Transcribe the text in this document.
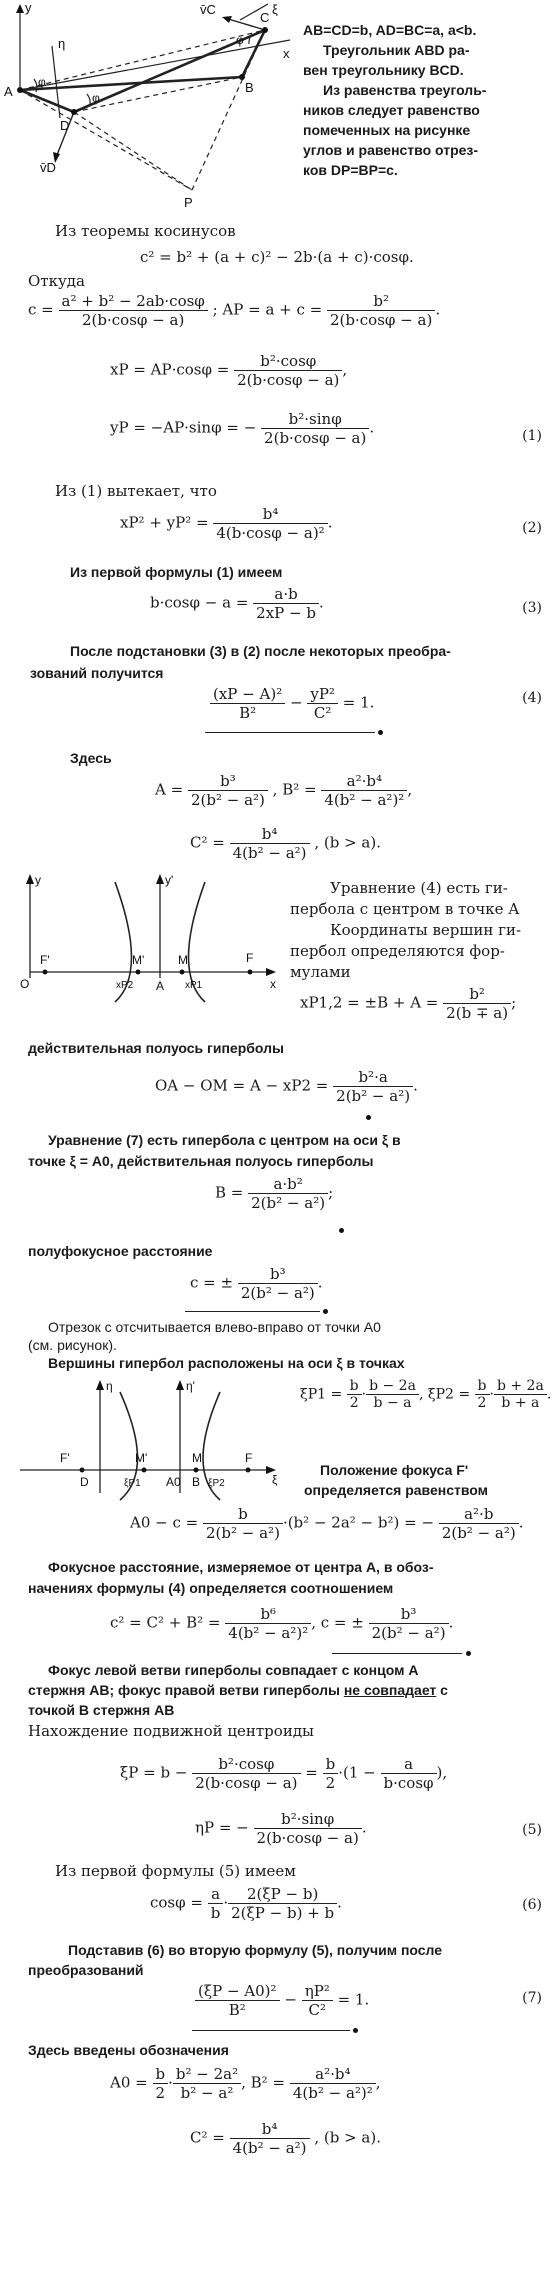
y
η
v̄C
C
ξ
x
A
φ
D
φ
B
φ
v̄D
P
AB=CD=b, AD=BC=a, a<b.
Треугольник ABD ра-
вен треугольнику BCD.
Из равенства треуголь-
ников следует равенство
помеченных на рисунке
углов и равенство отрез-
ков DP=BP=c.
Из теоремы косинусов
c² = b² + (a + c)² − 2b·(a + c)·cosφ.
Откуда
$c = \frac{\text{a² + b² − 2ab·cosφ}}{2(b\cdot\cos\varphi - a)}$ ; AP = $a + c = \frac{\text{b²}}{2(b\cdot\cos\varphi - a)}$ .
xP = $AP\cdot\cos\varphi = \frac{\text{b²·cosφ}}{2(b\cdot\cos\varphi - a)}$ ,
yP = −AP·sinφ = − $\frac{\text{b²·sinφ}}{2(b\cdot\cos\varphi - a)}$ .	(1)
Из (1) вытекает, что
$xP^2 + yP^2 = \frac{\text{b⁴}}{\text{4(b·cosφ − a)²}}$ .	(2)
Из первой формулы (1) имеем
$b\cdot\cos\varphi - a = \frac{a\cdot b}{2xP - b}$ .	(3)
После подстановки (3) в (2) после некоторых преобра-
зований получится
$\frac{\text{(xP − A)²}}{\text{B²}} - \frac{\text{yP²}}{\text{C²}} = 1$.	(4)
Здесь
$A = \frac{\text{b³}}{\text{2(b² − a²)}}$ , $B^2 = \frac{\text{a²·b⁴}}{\text{4(b² − a²)²}}$ ,
$C^2 = \frac{\text{b⁴}}{\text{4(b² − a²)}}$ , (b > a).
y	y'
F'
O
M'
xP2 A
M
xP1
F
x
Уравнение (4) есть ги-
пербола с центром в точке A
Координаты вершин ги-
пербол определяются фор-
мулами
$xP1,2 = \pm B + A = \frac{\text{b²}}{2(b \mp a)}$ ;
действительная полуось гиперболы
OA − OM = $A - xP2 = \frac{\text{b²·a}}{\text{2(b² − a²)}}$ .
Уравнение (7) есть гипербола с центром на оси ξ в
точке ξ = A0, действительная полуось гиперболы
$B = \frac{\text{a·b²}}{\text{2(b² − a²)}}$ ;
полуфокусное расстояние
c = ± $\frac{\text{b³}}{\text{2(b² − a²)}}$ .
Отрезок с отсчитывается влево-вправо от точки A0
(см. рисунок).
Вершины гипербол расположены на оси ξ в точках
η	η'
F'
D
M'
ξP1 A0
M
B ξP2
F
ξ
$\xi P1 = \frac{b}{2} \cdot \frac{b - 2a}{b - a}$ , $\xi P2 = \frac{b}{2} \cdot \frac{b + 2a}{b + a}$ .
Положение фокуса F'
определяется равенством
$A0 - c = \frac{b}{\text{2(b² − a²)}} \cdot(b^2 - 2a^2 - b^2)$ = − $\frac{\text{a²·b}}{\text{2(b² − a²)}}$ .
Фокусное расстояние, измеряемое от центра A, в обоз-
начениях формулы (4) определяется соотношением
$c^2 = C^2 + B^2 = \frac{\text{b⁶}}{\text{4(b² − a²)²}}$ , c = ± $\frac{\text{b³}}{\text{2(b² − a²)}}$ .
Фокус левой ветви гиперболы совпадает с концом A
стержня AB; фокус правой ветви гиперболы не совпадает с
точкой B стержня AB
Нахождение подвижной центроиды
$\xi P = b - \frac{\text{b²·cosφ}}{2(b\cdot\cos\varphi - a)} = \frac{b}{2} \cdot(1 - \frac{a}{b\cdot\cos\varphi}$ ),
ηP = − $\frac{\text{b²·sinφ}}{2(b\cdot\cos\varphi - a)}$ .	(5)
Из первой формулы (5) имеем
$\cos\varphi = \frac{a}{b} \cdot \frac{2(\xi P - b)}{2(\xi P - b) + b}$ .	(6)
Подставив (6) во вторую формулу (5), получим после
преобразований
$\frac{\text{(ξP − A0)²}}{\text{B²}} - \frac{\text{ηP²}}{\text{C²}} = 1$.	(7)
Здесь введены обозначения
$A0 = \frac{b}{2} \cdot \frac{\text{b² − 2a²}}{\text{b² − a²}}$ , $B^2 = \frac{\text{a²·b⁴}}{\text{4(b² − a²)²}}$ ,
$C^2 = \frac{\text{b⁴}}{\text{4(b² − a²)}}$ , (b > a).
